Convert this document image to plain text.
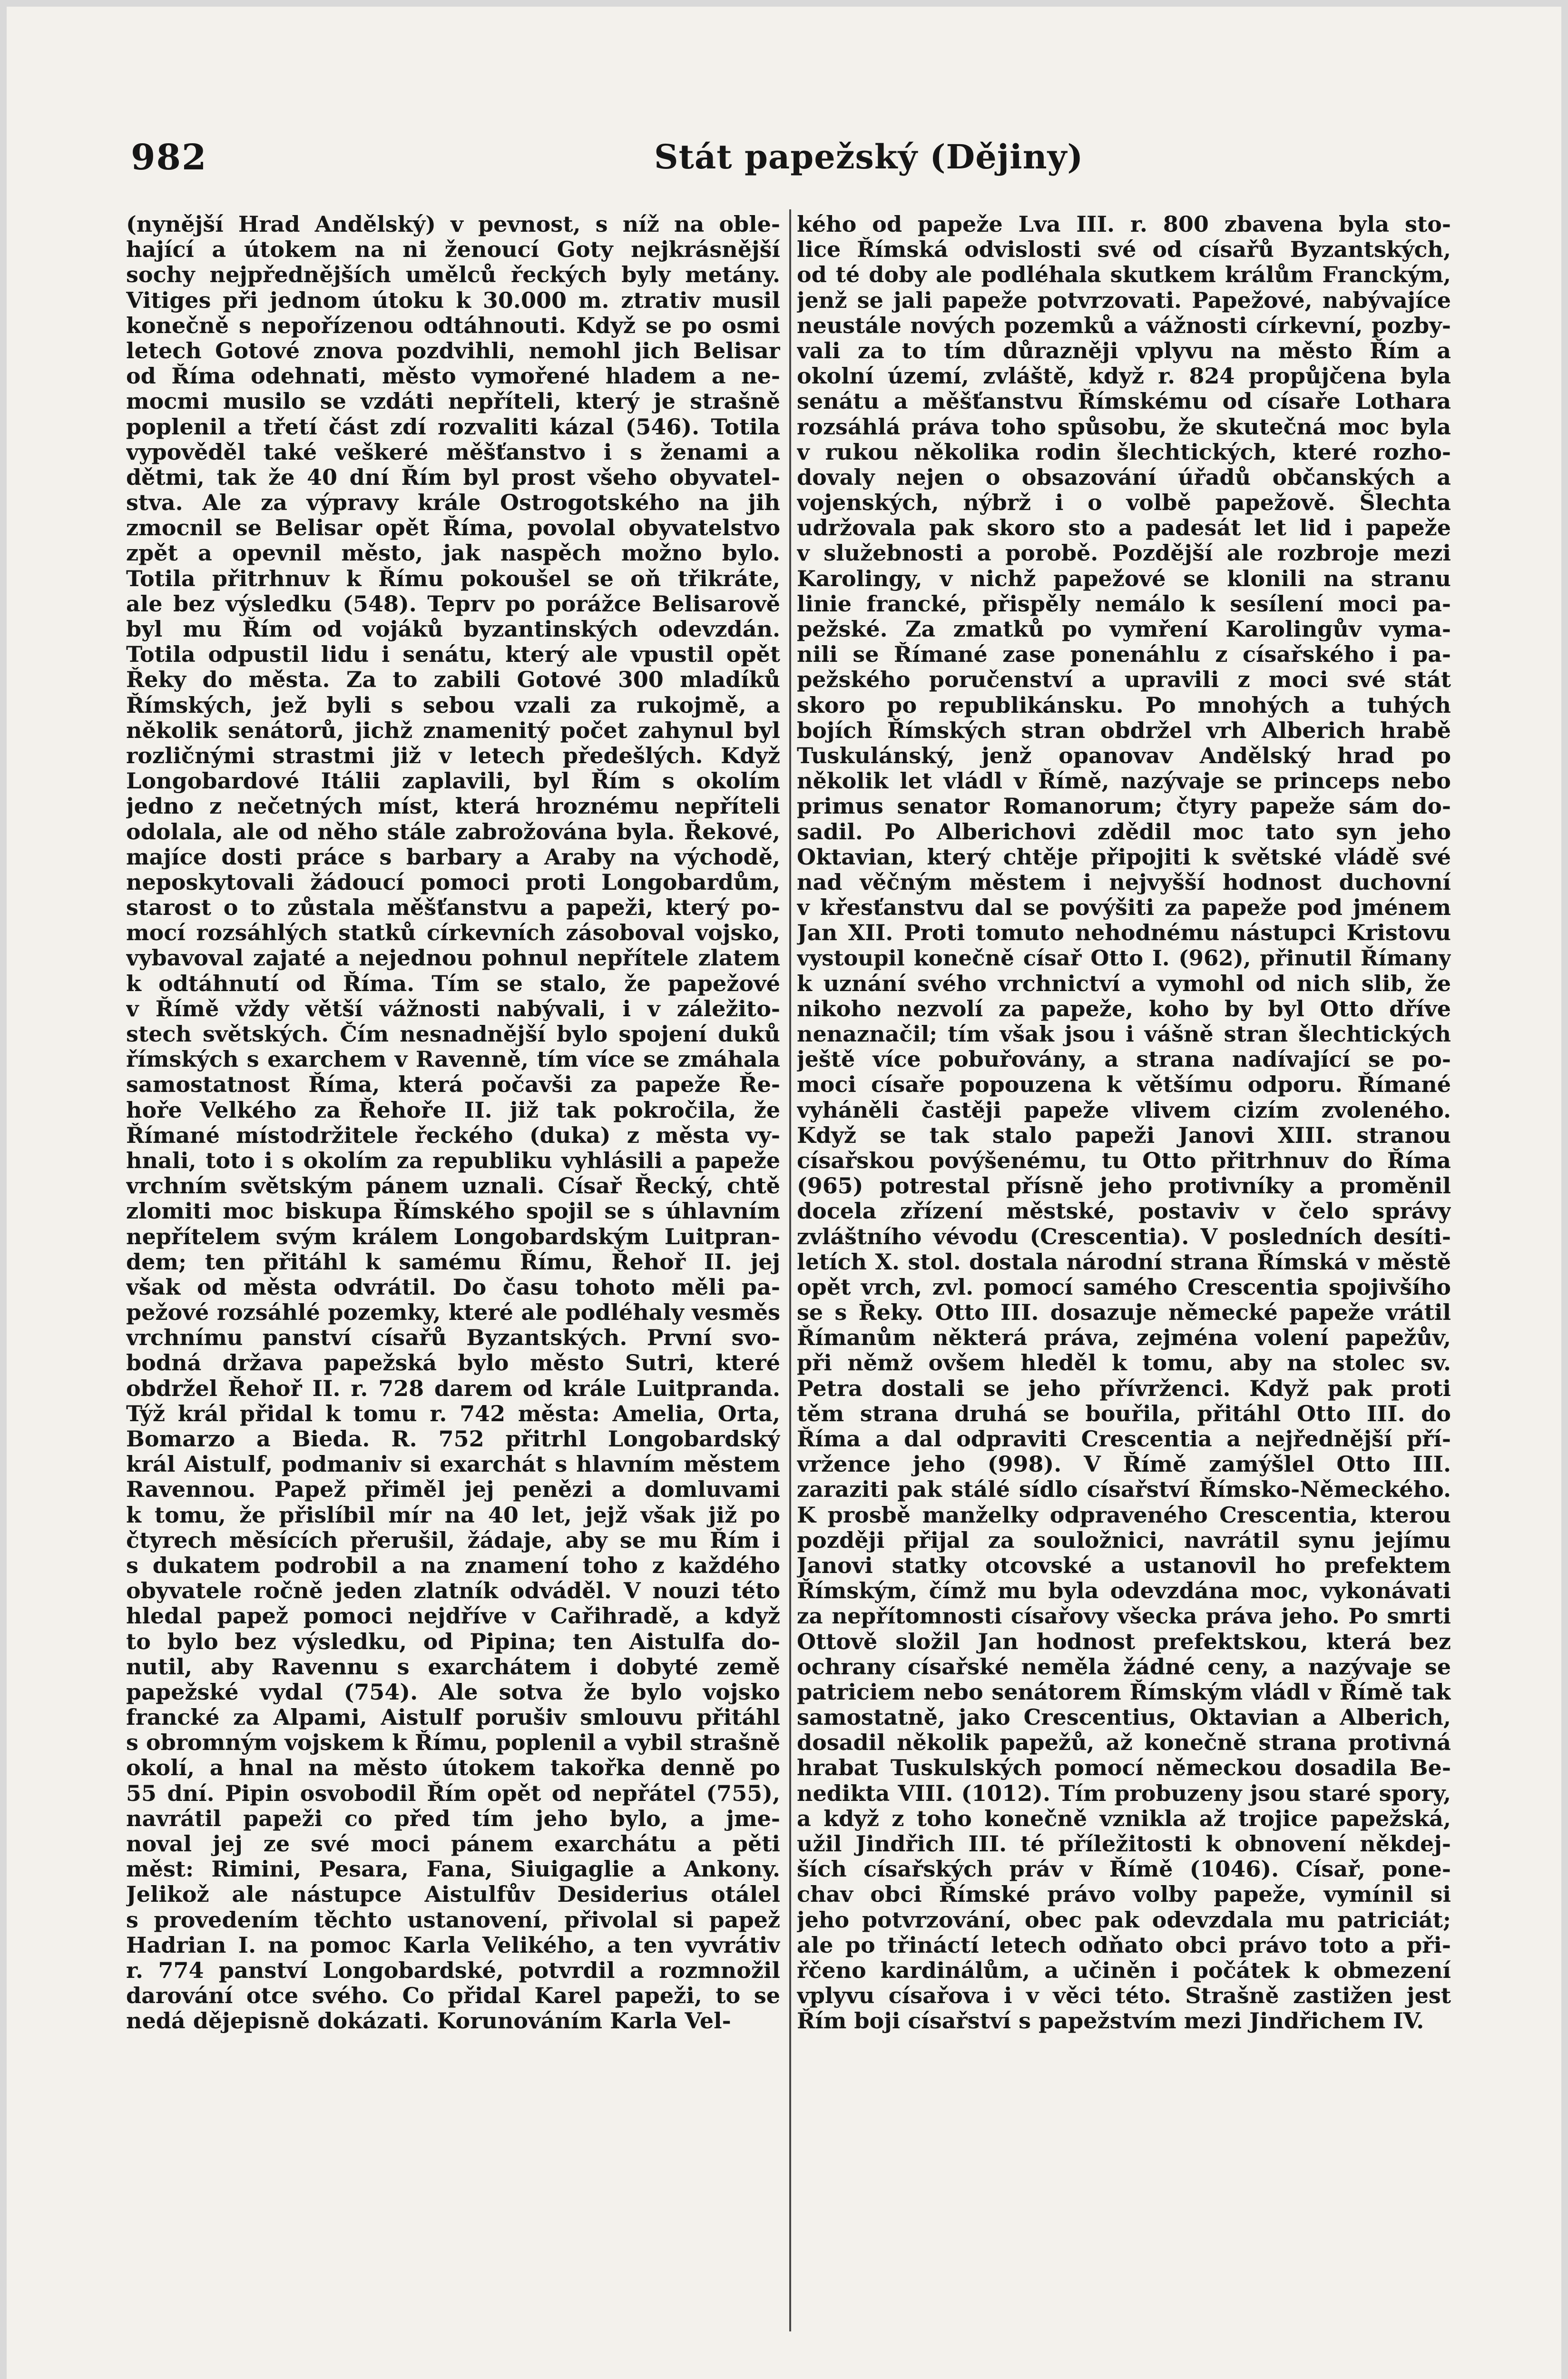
982	Stát papežský (Dějiny)
(nynější Hrad Andělský) v pevnost, s níž na oble-
hající a útokem na ni ženoucí Goty nejkrásnější
sochy nejpřednějších umělců řeckých byly metány.
Vitiges při jednom útoku k 30.000 m. ztrativ musil
konečně s nepořízenou odtáhnouti. Když se po osmi
letech Gotové znova pozdvihli, nemohl jich Belisar
od Říma odehnati, město vymořené hladem a ne-
mocmi musilo se vzdáti nepříteli, který je strašně
poplenil a třetí část zdí rozvaliti kázal (546). Totila
vypověděl také veškeré měšťanstvo i s ženami a
dětmi, tak že 40 dní Řím byl prost všeho obyvatel-
stva. Ale za výpravy krále Ostrogotského na jih
zmocnil se Belisar opět Říma, povolal obyvatelstvo
zpět a opevnil město, jak naspěch možno bylo.
Totila přitrhnuv k Římu pokoušel se oň třikráte,
ale bez výsledku (548). Teprv po porážce Belisarově
byl mu Řím od vojáků byzantinských odevzdán.
Totila odpustil lidu i senátu, který ale vpustil opět
Řeky do města. Za to zabili Gotové 300 mladíků
Římských, jež byli s sebou vzali za rukojmě, a
několik senátorů, jichž znamenitý počet zahynul byl
rozličnými strastmi již v letech předešlých. Když
Longobardové Itálii zaplavili, byl Řím s okolím
jedno z nečetných míst, která hroznému nepříteli
odolala, ale od něho stále zabrožována byla. Řekové,
majíce dosti práce s barbary a Araby na východě,
neposkytovali žádoucí pomoci proti Longobardům,
starost o to zůstala měšťanstvu a papeži, který po-
mocí rozsáhlých statků církevních zásoboval vojsko,
vybavoval zajaté a nejednou pohnul nepřítele zlatem
k odtáhnutí od Říma. Tím se stalo, že papežové
v Římě vždy větší vážnosti nabývali, i v záležito-
stech světských. Čím nesnadnější bylo spojení duků
římských s exarchem v Ravenně, tím více se zmáhala
samostatnost Říma, která počavši za papeže Ře-
hoře Velkého za Řehoře II. již tak pokročila, že
Římané místodržitele řeckého (duka) z města vy-
hnali, toto i s okolím za republiku vyhlásili a papeže
vrchním světským pánem uznali. Císař Řecký, chtě
zlomiti moc biskupa Římského spojil se s úhlavním
nepřítelem svým králem Longobardským Luitpran-
dem; ten přitáhl k samému Římu, Řehoř II. jej
však od města odvrátil. Do času tohoto měli pa-
pežové rozsáhlé pozemky, které ale podléhaly vesměs
vrchnímu panství císařů Byzantských. První svo-
bodná država papežská bylo město Sutri, které
obdržel Řehoř II. r. 728 darem od krále Luitpranda.
Týž král přidal k tomu r. 742 města: Amelia, Orta,
Bomarzo a Bieda. R. 752 přitrhl Longobardský
král Aistulf, podmaniv si exarchát s hlavním městem
Ravennou. Papež přiměl jej penězi a domluvami
k tomu, že přislíbil mír na 40 let, jejž však již po
čtyrech měsících přerušil, žádaje, aby se mu Řím i
s dukatem podrobil a na znamení toho z každého
obyvatele ročně jeden zlatník odváděl. V nouzi této
hledal papež pomoci nejdříve v Cařihradě, a když
to bylo bez výsledku, od Pipina; ten Aistulfa do-
nutil, aby Ravennu s exarchátem i dobyté země
papežské vydal (754). Ale sotva že bylo vojsko
francké za Alpami, Aistulf porušiv smlouvu přitáhl
s obromným vojskem k Římu, poplenil a vybil strašně
okolí, a hnal na město útokem takořka denně po
55 dní. Pipin osvobodil Řím opět od nepřátel (755),
navrátil papeži co před tím jeho bylo, a jme-
noval jej ze své moci pánem exarchátu a pěti
měst: Rimini, Pesara, Fana, Siuigaglie a Ankony.
Jelikož ale nástupce Aistulfův Desiderius otálel
s provedením těchto ustanovení, přivolal si papež
Hadrian I. na pomoc Karla Velikého, a ten vyvrátiv
r. 774 panství Longobardské, potvrdil a rozmnožil
darování otce svého. Co přidal Karel papeži, to se
nedá dějepisně dokázati. Korunováním Karla Vel-
kého od papeže Lva III. r. 800 zbavena byla sto-
lice Římská odvislosti své od císařů Byzantských,
od té doby ale podléhala skutkem králům Franckým,
jenž se jali papeže potvrzovati. Papežové, nabývajíce
neustále nových pozemků a vážnosti církevní, pozby-
vali za to tím důrazněji vplyvu na město Řím a
okolní území, zvláště, když r. 824 propůjčena byla
senátu a měšťanstvu Římskému od císaře Lothara
rozsáhlá práva toho spůsobu, že skutečná moc byla
v rukou několika rodin šlechtických, které rozho-
dovaly nejen o obsazování úřadů občanských a
vojenských, nýbrž i o volbě papežově. Šlechta
udržovala pak skoro sto a padesát let lid i papeže
v služebnosti a porobě. Pozdější ale rozbroje mezi
Karolingy, v nichž papežové se klonili na stranu
linie francké, přispěly nemálo k sesílení moci pa-
pežské. Za zmatků po vymření Karolingův vyma-
nili se Římané zase ponenáhlu z císařského i pa-
pežského poručenství a upravili z moci své stát
skoro po republikánsku. Po mnohých a tuhých
bojích Římských stran obdržel vrh Alberich hrabě
Tuskulánský, jenž opanovav Andělský hrad po
několik let vládl v Římě, nazývaje se princeps nebo
primus senator Romanorum; čtyry papeže sám do-
sadil. Po Alberichovi zdědil moc tato syn jeho
Oktavian, který chtěje připojiti k světské vládě své
nad věčným městem i nejvyšší hodnost duchovní
v křesťanstvu dal se povýšiti za papeže pod jménem
Jan XII. Proti tomuto nehodnému nástupci Kristovu
vystoupil konečně císař Otto I. (962), přinutil Římany
k uznání svého vrchnictví a vymohl od nich slib, že
nikoho nezvolí za papeže, koho by byl Otto dříve
nenaznačil; tím však jsou i vášně stran šlechtických
ještě více pobuřovány, a strana nadívající se po-
moci císaře popouzena k většímu odporu. Římané
vyháněli častěji papeže vlivem cizím zvoleného.
Když se tak stalo papeži Janovi XIII. stranou
císařskou povýšenému, tu Otto přitrhnuv do Říma
(965) potrestal přísně jeho protivníky a proměnil
docela zřízení městské, postaviv v čelo správy
zvláštního vévodu (Crescentia). V posledních desíti-
letích X. stol. dostala národní strana Římská v městě
opět vrch, zvl. pomocí samého Crescentia spojivšího
se s Řeky. Otto III. dosazuje německé papeže vrátil
Římanům některá práva, zejména volení papežův,
při němž ovšem hleděl k tomu, aby na stolec sv.
Petra dostali se jeho přívrženci. Když pak proti
těm strana druhá se bouřila, přitáhl Otto III. do
Říma a dal odpraviti Crescentia a nejřednější pří-
vržence jeho (998). V Římě zamýšlel Otto III.
zaraziti pak stálé sídlo císařství Římsko-Německého.
K prosbě manželky odpraveného Crescentia, kterou
později přijal za souložnici, navrátil synu jejímu
Janovi statky otcovské a ustanovil ho prefektem
Římským, čímž mu byla odevzdána moc, vykonávati
za nepřítomnosti císařovy všecka práva jeho. Po smrti
Ottově složil Jan hodnost prefektskou, která bez
ochrany císařské neměla žádné ceny, a nazývaje se
patriciem nebo senátorem Římským vládl v Římě tak
samostatně, jako Crescentius, Oktavian a Alberich,
dosadil několik papežů, až konečně strana protivná
hrabat Tuskulských pomocí německou dosadila Be-
nedikta VIII. (1012). Tím probuzeny jsou staré spory,
a když z toho konečně vznikla až trojice papežská,
užil Jindřich III. té příležitosti k obnovení někdej-
ších císařských práv v Římě (1046). Císař, pone-
chav obci Římské právo volby papeže, vymínil si
jeho potvrzování, obec pak odevzdala mu patriciát;
ale po třináctí letech odňato obci právo toto a při-
řčeno kardinálům, a učiněn i počátek k obmezení
vplyvu císařova i v věci této. Strašně zastižen jest
Řím boji císařství s papežstvím mezi Jindřichem IV.
